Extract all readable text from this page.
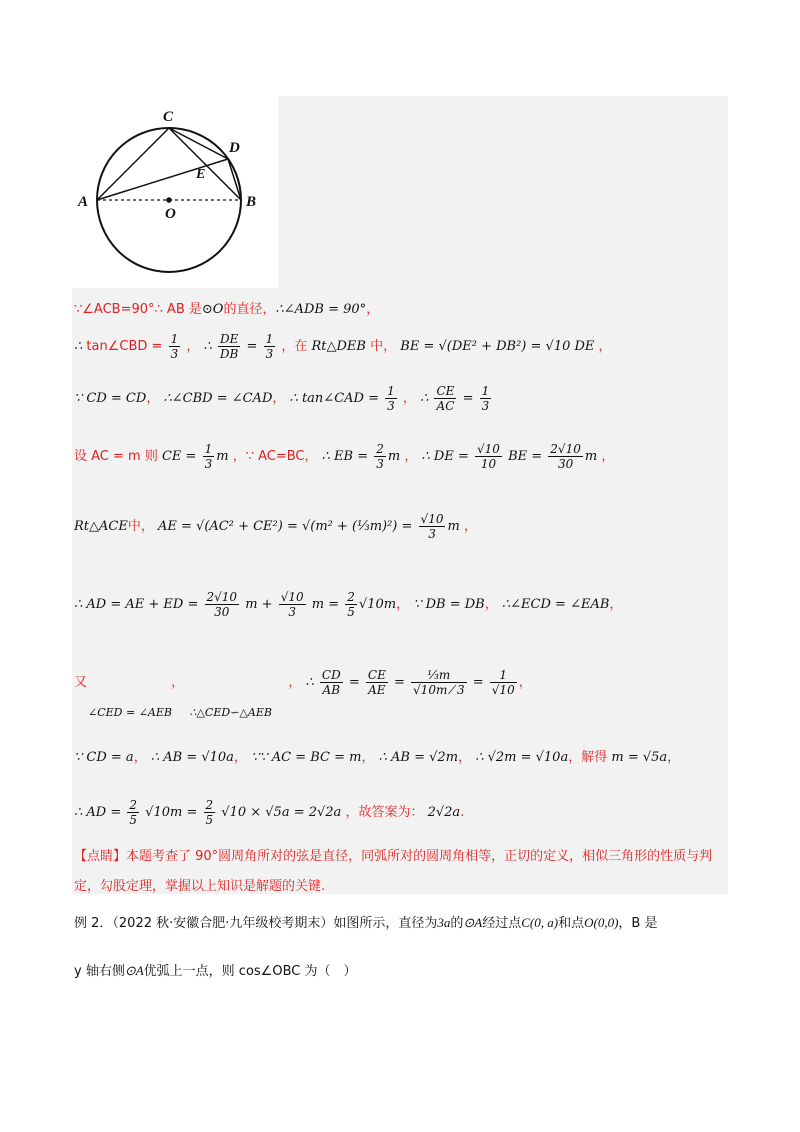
C
D
E
A
O
B
∵∠ACB=90°∴ AB 是⊙O的直径，∴∠ADB = 90°，
∴ tan∠CBD = $\frac{1}{3}$ ， ∴ $\frac{DE}{DB} = \frac{1}{3}$ ，在 Rt△DEB 中， BE = √(DE² + DB²) = √10 DE ，
∵ CD = CD， ∴∠CBD = ∠CAD， ∴ tan∠CAD = $\frac{1}{3}$ ， ∴ $\frac{CE}{AC} = \frac{1}{3}$
设 AC = m 则 CE = $\frac{1}{3}$ m ，∵ AC=BC， ∴ EB = $\frac{2}{3}$ m ， ∴ DE = $\frac{√10}{10}$ BE = $\frac{2√10}{30}$ m ，
Rt△ACE中， AE = √(AC² + CE²) = √(m² + (⅓m)²) = $\frac{√10}{3}$ m ，
∴ AD = AE + ED = $\frac{2√10}{30}$ $m + \frac{√10}{3}$ $m = \frac{2}{5} √10m$， ∵ DB = DB， ∴∠ECD = ∠EAB，
又	，	， ∴ $\frac{CD}{AB} = \frac{CE}{AE} = \frac{\text{⅓m}}{√10m ⁄ 3} = \frac{1}{√10}$ ，
∠CED = ∠AEB ∴△CED∽△AEB
∵ CD = a， ∴ AB = √10a， ∵∵ AC = BC = m， ∴ AB = √2m， ∴ √2m = √10a，解得 m = √5a，
∴ AD = $\frac{2}{5} √10m = \frac{2}{5} √10 \times √5a = 2√2a$ ，故答案为： 2√2a.
【点睛】本题考查了 90°圆周角所对的弦是直径，同弧所对的圆周角相等，正切的定义，相似三角形的性质与判定，勾股定理，掌握以上知识是解题的关键.
例 2．（2022 秋·安徽合肥·九年级校考期末）如图所示，直径为3a的⊙A经过点C(0, a)和点O(0,0)，B 是
y 轴右侧⊙A优弧上一点，则 cos∠OBC 为（　）
